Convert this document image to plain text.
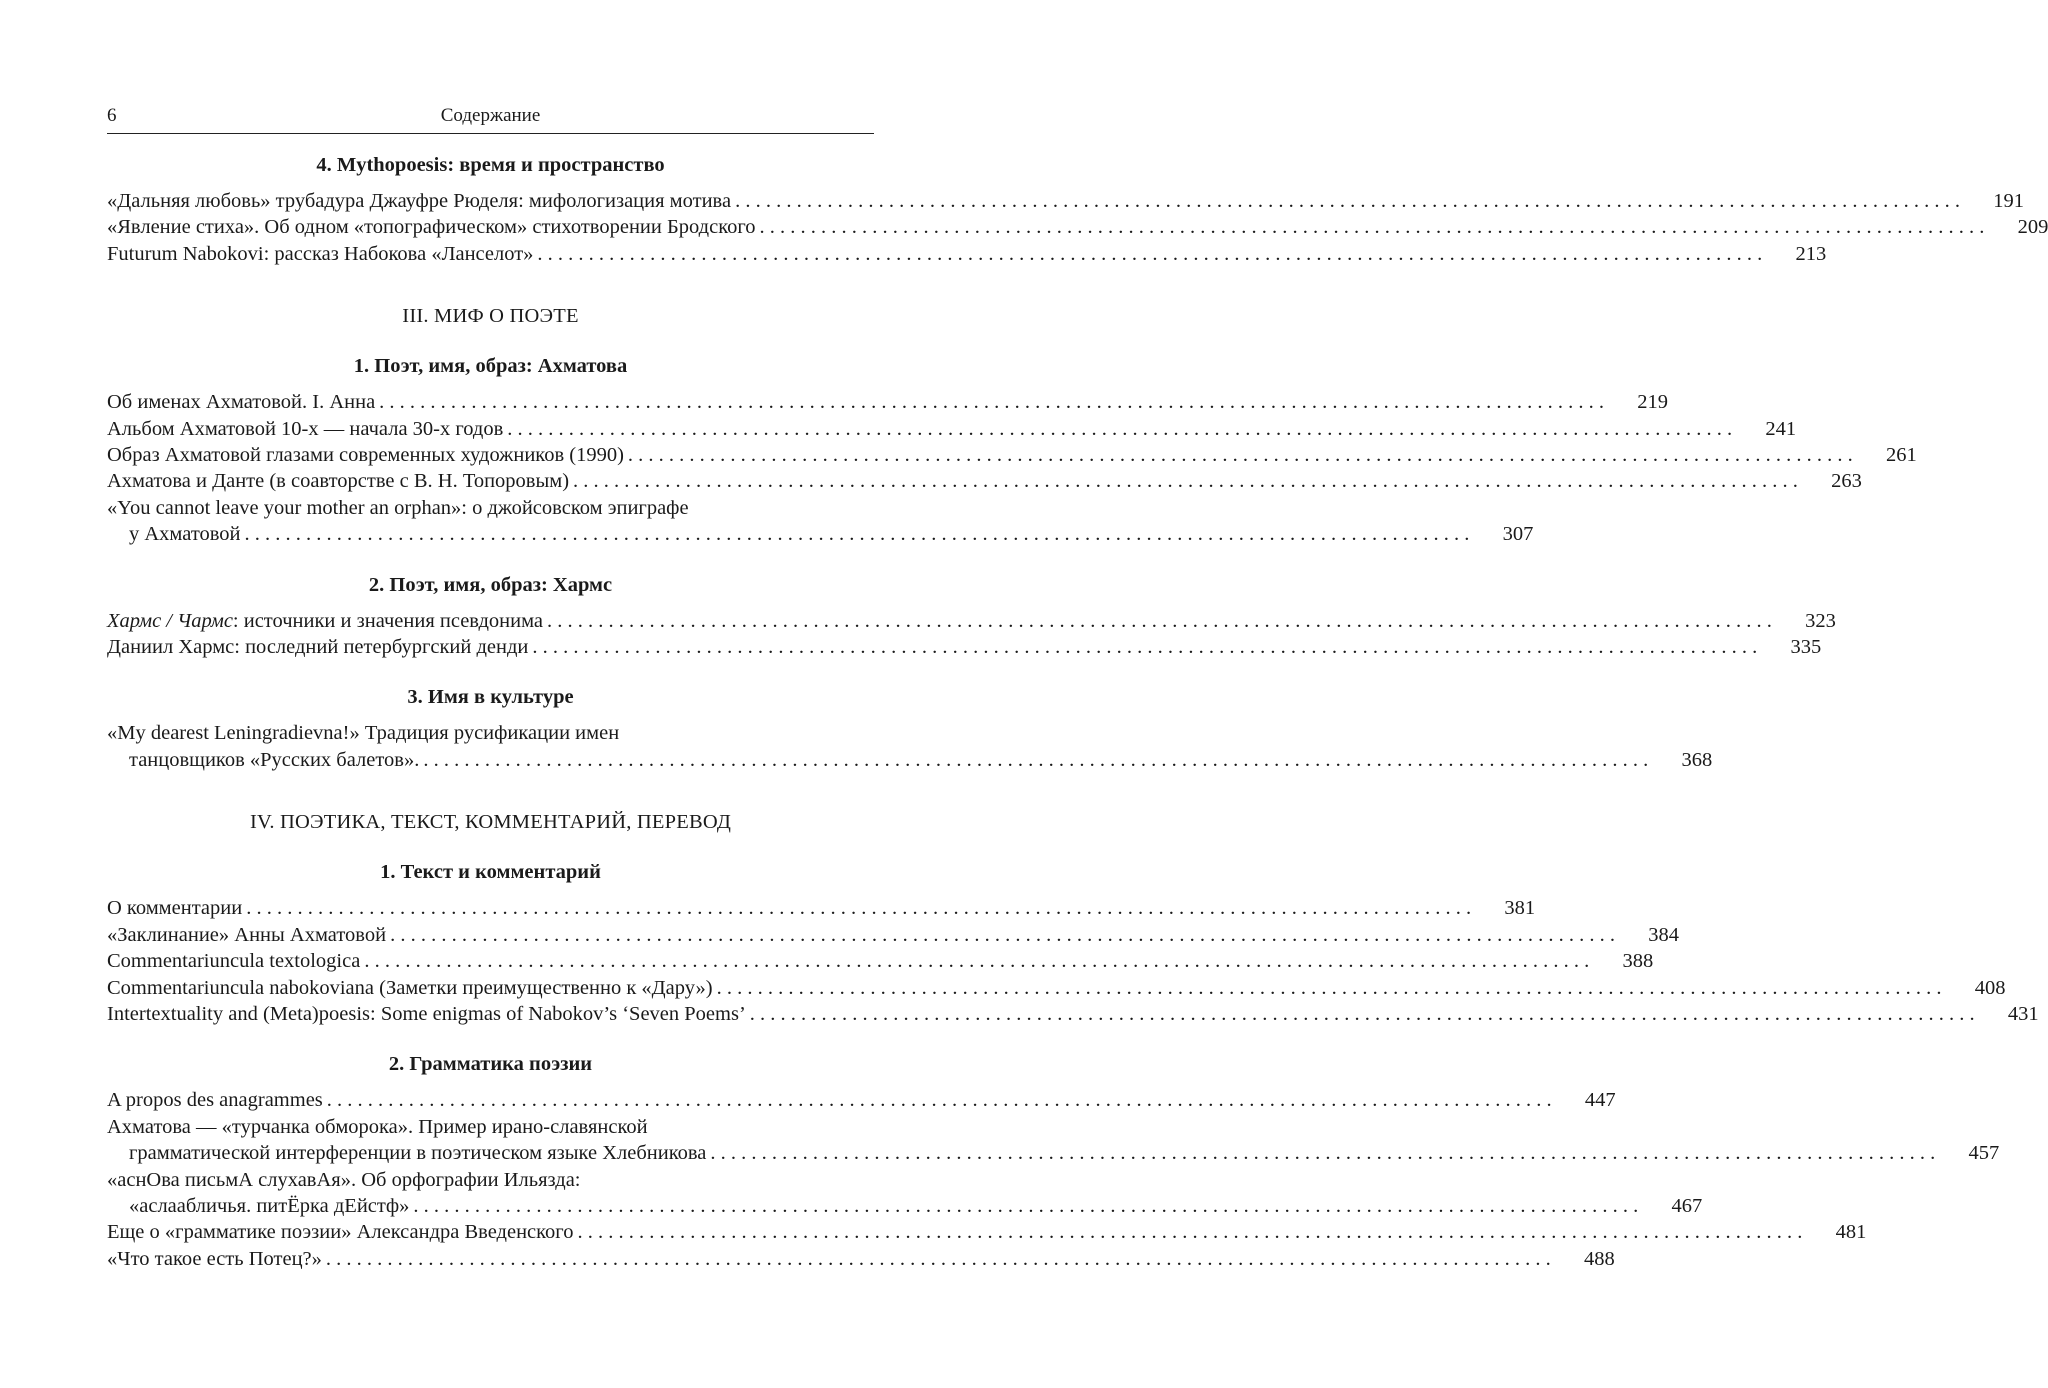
6	Содержание
4. Mythopoesis: время и пространство
«Дальняя любовь» трубадура Джауфре Рюделя: мифологизация мотива . . .	191
«Явление стиха». Об одном «топографическом» стихотворении Бродского . . .	209
Futurum Nabokovi: рассказ Набокова «Ланселот» . . .	213
III. МИФ О ПОЭТЕ
1. Поэт, имя, образ: Ахматова
Об именах Ахматовой. I. Анна . . .	219
Альбом Ахматовой 10-х — начала 30-х годов . . .	241
Образ Ахматовой глазами современных художников (1990) . . .	261
Ахматова и Данте (в соавторстве с В. Н. Топоровым) . . .	263
«You cannot leave your mother an orphan»: о джойсовском эпиграфе
у Ахматовой . . .	307
2. Поэт, имя, образ: Хармс
Хармс / Чармс: источники и значения псевдонима . . .	323
Даниил Хармс: последний петербургский денди . . .	335
3. Имя в культуре
«My dearest Leningradievna!» Традиция русификации имен
танцовщиков «Русских балетов». . . .	368
IV. ПОЭТИКА, ТЕКСТ, КОММЕНТАРИЙ, ПЕРЕВОД
1. Текст и комментарий
О комментарии . . .	381
«Заклинание» Анны Ахматовой . . .	384
Commentariuncula textologica . . .	388
Commentariuncula nabokoviana (Заметки преимущественно к «Дару») . . .	408
Intertextuality and (Meta)poesis: Some enigmas of Nabokov’s ‘Seven Poems’ . . .	431
2. Грамматика поэзии
A propos des anagrammes . . .	447
Ахматова — «турчанка обморока». Пример ирано-славянской
грамматической интерференции в поэтическом языке Хлебникова . . .	457
«аснОва письмА слухавАя». Об орфографии Ильязда:
«аслаабличья. питЁрка дЕйстф» . . .	467
Еще о «грамматике поэзии» Александра Введенского . . .	481
«Что такое есть Потец?» . . .	488
